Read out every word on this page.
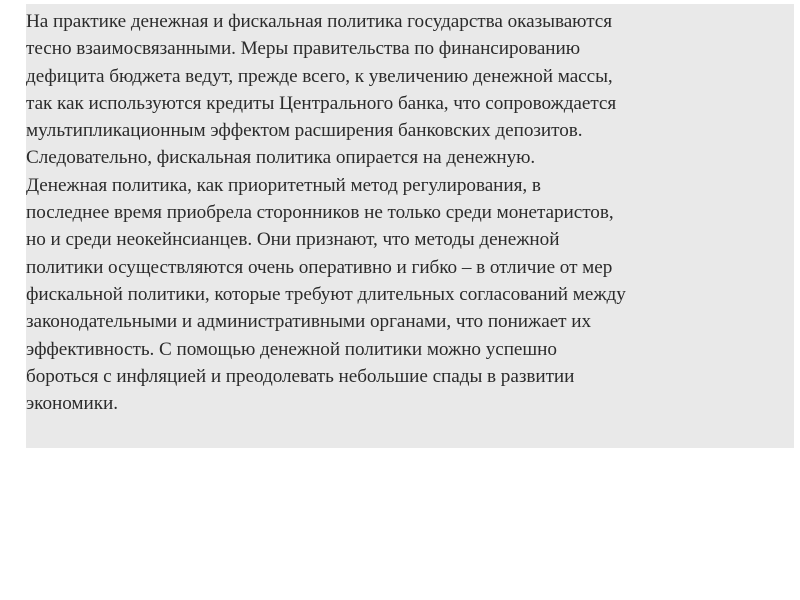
На практике денежная и фискальная политика государства оказываются
тесно взаимосвязанными. Меры правительства по финансированию
дефицита бюджета ведут, прежде всего, к увеличению денежной массы,
так как используются кредиты Центрального банка, что сопровождается
мультипликационным эффектом расширения банковских депозитов.
Следовательно, фискальная политика опирается на денежную.
Денежная политика, как приоритетный метод регулирования, в
последнее время приобрела сторонников не только среди монетаристов,
но и среди неокейнсианцев. Они признают, что методы денежной
политики осуществляются очень оперативно и гибко – в отличие от мер
фискальной политики, которые требуют длительных согласований между
законодательными и административными органами, что понижает их
эффективность. С помощью денежной политики можно успешно
бороться с инфляцией и преодолевать небольшие спады в развитии
экономики.
